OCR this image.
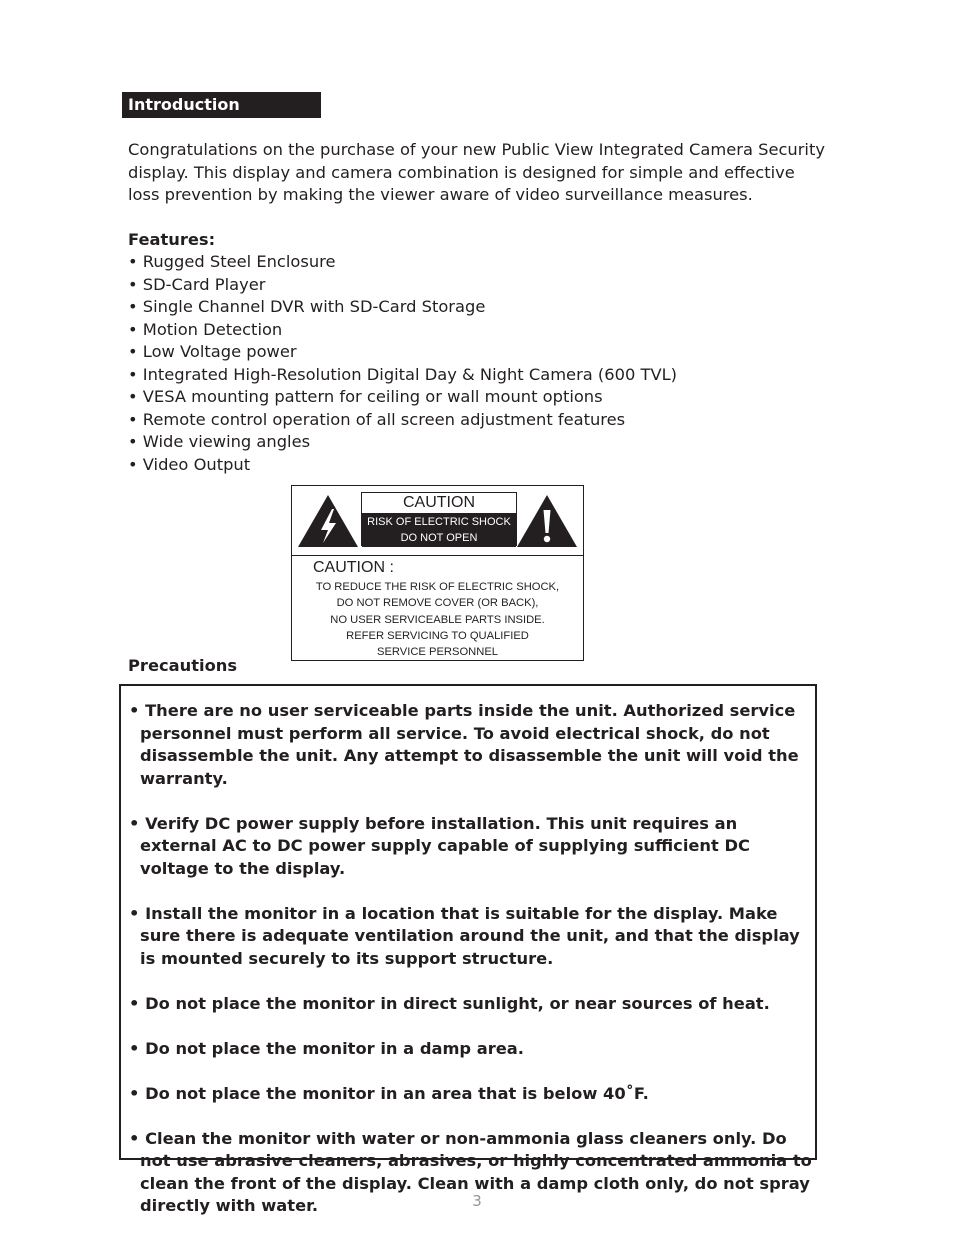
Introduction

Congratulations on the purchase of your new Public View Integrated Camera Security display. This display and camera combination is designed for simple and effective loss prevention by making the viewer aware of video surveillance measures.

Features:

• Rugged Steel Enclosure
• SD-Card Player
• Single Channel DVR with SD-Card Storage
• Motion Detection
• Low Voltage power
• Integrated High-Resolution Digital Day & Night Camera (600 TVL)
• VESA mounting pattern for ceiling or wall mount options
• Remote control operation of all screen adjustment features
• Wide viewing angles
• Video Output
CAUTION
RISK OF ELECTRIC SHOCK
DO NOT OPEN
CAUTION :
TO REDUCE THE RISK OF ELECTRIC SHOCK,
DO NOT REMOVE COVER (OR BACK),
NO USER SERVICEABLE PARTS INSIDE.
REFER SERVICING TO QUALIFIED
SERVICE PERSONNEL

Precautions

• There are no user serviceable parts inside the unit. Authorized service personnel must perform all service. To avoid electrical shock, do not disassemble the unit. Any attempt to disassemble the unit will void the warranty.
• Verify DC power supply before installation. This unit requires an external AC to DC power supply capable of supplying sufficient DC voltage to the display.
• Install the monitor in a location that is suitable for the display. Make sure there is adequate ventilation around the unit, and that the display is mounted securely to its support structure.
• Do not place the monitor in direct sunlight, or near sources of heat.
• Do not place the monitor in a damp area.
• Do not place the monitor in an area that is below 40˚F.
• Clean the monitor with water or non-ammonia glass cleaners only. Do not use abrasive cleaners, abrasives, or highly concentrated ammonia to clean the front of the display. Clean with a damp cloth only, do not spray directly with water.	3
